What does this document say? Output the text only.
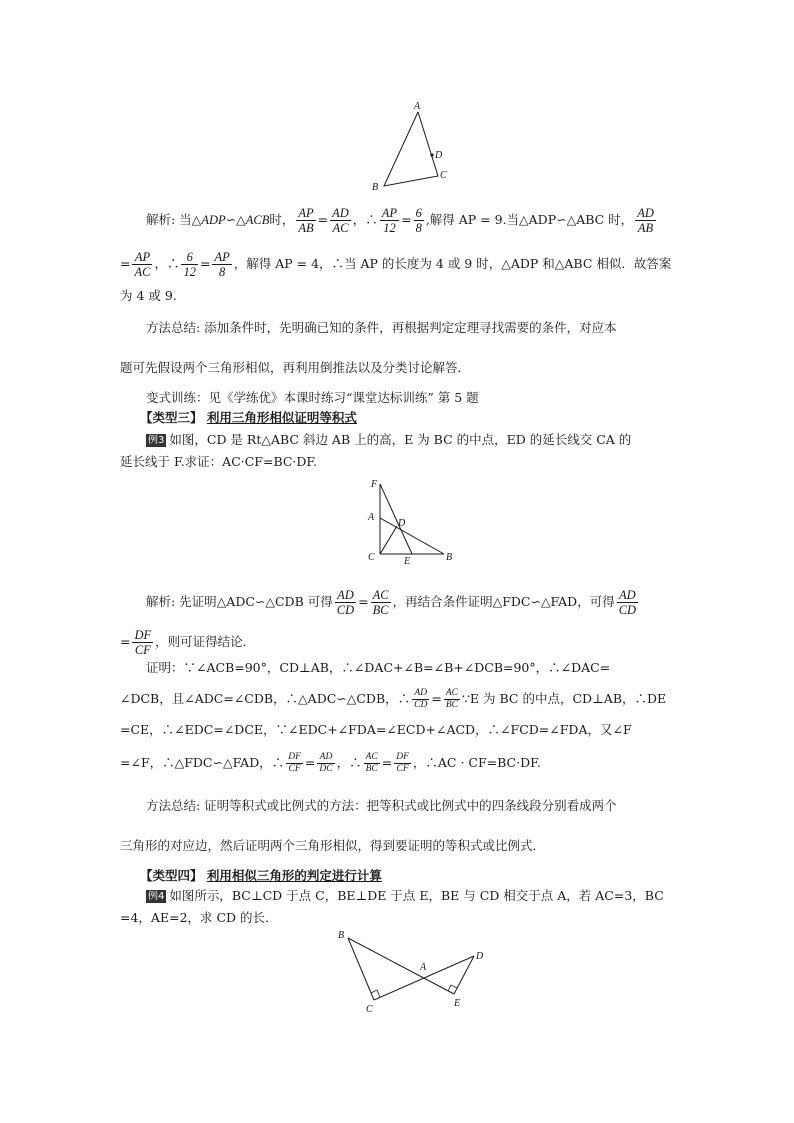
A
D
C
B
解析: 当△ADP∽△ACB时， $\frac{AP}{AB} = \frac{AD}{AC}$ ，∴ $\frac{AP}{12} = \frac{6}{8}$ ,解得 AP = 9.当△ADP∽△ABC 时， $\frac{AD}{AB}$
= $\frac{AP}{AC}$ ，∴ $\frac{6}{12} = \frac{AP}{8}$ ，解得 AP = 4，∴当 AP 的长度为 4 或 9 时，△ADP 和△ABC 相似．故答案
为 4 或 9.
方法总结: 添加条件时，先明确已知的条件，再根据判定定理寻找需要的条件，对应本
题可先假设两个三角形相似，再利用倒推法以及分类讨论解答．
变式训练：见《学练优》本课时练习“课堂达标训练” 第 5 题
【类型三】 利用三角形相似证明等积式
例3 如图，CD 是 Rt△ABC 斜边 AB 上的高，E 为 BC 的中点，ED 的延长线交 CA 的
延长线于 F.求证：AC·CF=BC·DF.
F
A
D
C	E	B
解析: 先证明△ADC∽△CDB 可得 $\frac{AD}{CD} = \frac{AC}{BC}$ ，再结合条件证明△FDC∽△FAD，可得 $\frac{AD}{CD}$
= $\frac{DF}{CF}$ ，则可证得结论．
证明：∵∠ACB=90°，CD⊥AB，∴∠DAC+∠B=∠B+∠DCB=90°，∴∠DAC=
∠DCB，且∠ADC=∠CDB，∴△ADC∽△CDB，∴ $\frac{AD}{CD} = \frac{AC}{BC}$ ∵E 为 BC 的中点，CD⊥AB，∴DE
=CE，∴∠EDC=∠DCE，∵∠EDC+∠FDA=∠ECD+∠ACD，∴∠FCD=∠FDA，又∠F
=∠F，∴△FDC∽△FAD，∴ $\frac{DF}{CF} = \frac{AD}{DC}$ ，∴ $\frac{AC}{BC} = \frac{DF}{CF}$ ，∴AC · CF=BC·DF.
方法总结: 证明等积式或比例式的方法：把等积式或比例式中的四条线段分别看成两个
三角形的对应边，然后证明两个三角形相似，得到要证明的等积式或比例式．
【类型四】 利用相似三角形的判定进行计算
例4 如图所示，BC⊥CD 于点 C，BE⊥DE 于点 E，BE 与 CD 相交于点 A，若 AC=3，BC
=4，AE=2，求 CD 的长．
B
A
D
E
C
